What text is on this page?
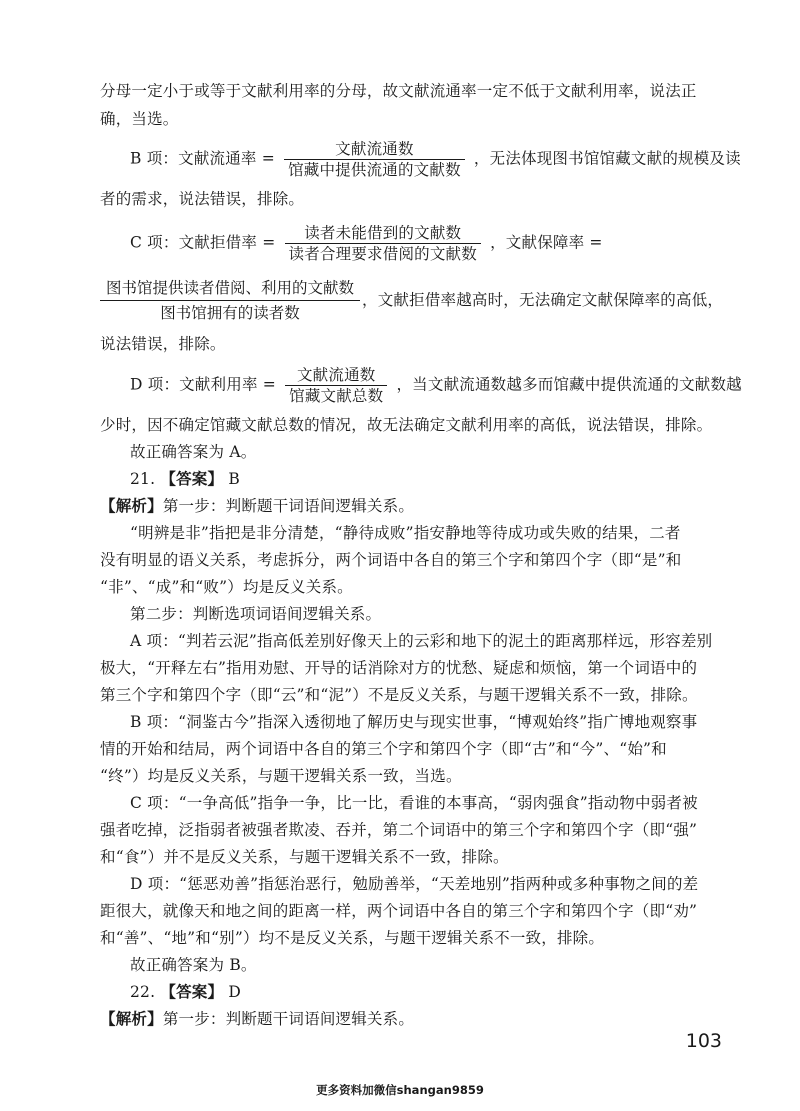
分母一定小于或等于文献利用率的分母，故文献流通率一定不低于文献利用率，说法正
确，当选。
B 项：文献流通率 = $\frac{\text{文献流通数}}{\text{馆藏中提供流通的文献数}}$ ，无法体现图书馆馆藏文献的规模及读
者的需求，说法错误，排除。
C 项：文献拒借率 = $\frac{\text{读者未能借到的文献数}}{\text{读者合理要求借阅的文献数}}$ ，文献保障率 =
图书馆提供读者借阅、利用的文献数
图书馆拥有的读者数
，文献拒借率越高时，无法确定文献保障率的高低，
说法错误，排除。
D 项：文献利用率 = $\frac{\text{文献流通数}}{\text{馆藏文献总数}}$ ，当文献流通数越多而馆藏中提供流通的文献数越
少时，因不确定馆藏文献总数的情况，故无法确定文献利用率的高低，说法错误，排除。
故正确答案为 A。
21. 【答案】 B
【解析】第一步：判断题干词语间逻辑关系。
“明辨是非”指把是非分清楚，“静待成败”指安静地等待成功或失败的结果，二者
没有明显的语义关系，考虑拆分，两个词语中各自的第三个字和第四个字（即“是”和
“非”、“成”和“败”）均是反义关系。
第二步：判断选项词语间逻辑关系。
A 项：“判若云泥”指高低差别好像天上的云彩和地下的泥土的距离那样远，形容差别
极大，“开释左右”指用劝慰、开导的话消除对方的忧愁、疑虑和烦恼，第一个词语中的
第三个字和第四个字（即“云”和“泥”）不是反义关系，与题干逻辑关系不一致，排除。
B 项：“洞鉴古今”指深入透彻地了解历史与现实世事，“博观始终”指广博地观察事
情的开始和结局，两个词语中各自的第三个字和第四个字（即“古”和“今”、“始”和
“终”）均是反义关系，与题干逻辑关系一致，当选。
C 项：“一争高低”指争一争，比一比，看谁的本事高，“弱肉强食”指动物中弱者被
强者吃掉，泛指弱者被强者欺凌、吞并，第二个词语中的第三个字和第四个字（即“强”
和“食”）并不是反义关系，与题干逻辑关系不一致，排除。
D 项：“惩恶劝善”指惩治恶行，勉励善举，“天差地别”指两种或多种事物之间的差
距很大，就像天和地之间的距离一样，两个词语中各自的第三个字和第四个字（即“劝”
和“善”、“地”和“别”）均不是反义关系，与题干逻辑关系不一致，排除。
故正确答案为 B。
22. 【答案】 D
【解析】第一步：判断题干词语间逻辑关系。
103
更多资料加微信shangan9859
